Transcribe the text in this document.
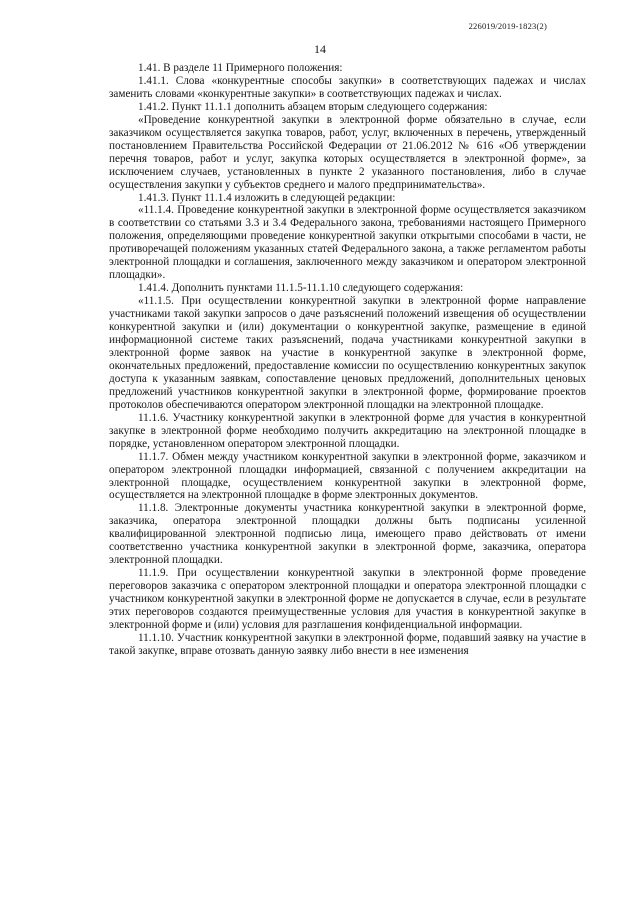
226019/2019-1823(2)
14

1.41. В разделе 11 Примерного положения:

1.41.1. Слова «конкурентные способы закупки» в соответствующих падежах и числах заменить словами «конкурентные закупки» в соответствующих падежах и числах.

1.41.2. Пункт 11.1.1 дополнить абзацем вторым следующего содержания:

«Проведение конкурентной закупки в электронной форме обязательно в случае, если заказчиком осуществляется закупка товаров, работ, услуг, включенных в перечень, утвержденный постановлением Правительства Российской Федерации от 21.06.2012 № 616 «Об утверждении перечня товаров, работ и услуг, закупка которых осуществляется в электронной форме», за исключением случаев, установленных в пункте 2 указанного постановления, либо в случае осуществления закупки у субъектов среднего и малого предпринимательства».

1.41.3. Пункт 11.1.4 изложить в следующей редакции:

«11.1.4. Проведение конкурентной закупки в электронной форме осуществляется заказчиком в соответствии со статьями 3.3 и 3.4 Федерального закона, требованиями настоящего Примерного положения, определяющими проведение конкурентной закупки открытыми способами в части, не противоречащей положениям указанных статей Федерального закона, а также регламентом работы электронной площадки и соглашения, заключенного между заказчиком и оператором электронной площадки».

1.41.4. Дополнить пунктами 11.1.5-11.1.10 следующего содержания:

«11.1.5. При осуществлении конкурентной закупки в электронной форме направление участниками такой закупки запросов о даче разъяснений положений извещения об осуществлении конкурентной закупки и (или) документации о конкурентной закупке, размещение в единой информационной системе таких разъяснений, подача участниками конкурентной закупки в электронной форме заявок на участие в конкурентной закупке в электронной форме, окончательных предложений, предоставление комиссии по осуществлению конкурентных закупок доступа к указанным заявкам, сопоставление ценовых предложений, дополнительных ценовых предложений участников конкурентной закупки в электронной форме, формирование проектов протоколов обеспечиваются оператором электронной площадки на электронной площадке.

11.1.6. Участнику конкурентной закупки в электронной форме для участия в конкурентной закупке в электронной форме необходимо получить аккредитацию на электронной площадке в порядке, установленном оператором электронной площадки.

11.1.7. Обмен между участником конкурентной закупки в электронной форме, заказчиком и оператором электронной площадки информацией, связанной с получением аккредитации на электронной площадке, осуществлением конкурентной закупки в электронной форме, осуществляется на электронной площадке в форме электронных документов.

11.1.8. Электронные документы участника конкурентной закупки в электронной форме, заказчика, оператора электронной площадки должны быть подписаны усиленной квалифицированной электронной подписью лица, имеющего право действовать от имени соответственно участника конкурентной закупки в электронной форме, заказчика, оператора электронной площадки.

11.1.9. При осуществлении конкурентной закупки в электронной форме проведение переговоров заказчика с оператором электронной площадки и оператора электронной площадки с участником конкурентной закупки в электронной форме не допускается в случае, если в результате этих переговоров создаются преимущественные условия для участия в конкурентной закупке в электронной форме и (или) условия для разглашения конфиденциальной информации.

11.1.10. Участник конкурентной закупки в электронной форме, подавший заявку на участие в такой закупке, вправе отозвать данную заявку либо внести в нее изменения
